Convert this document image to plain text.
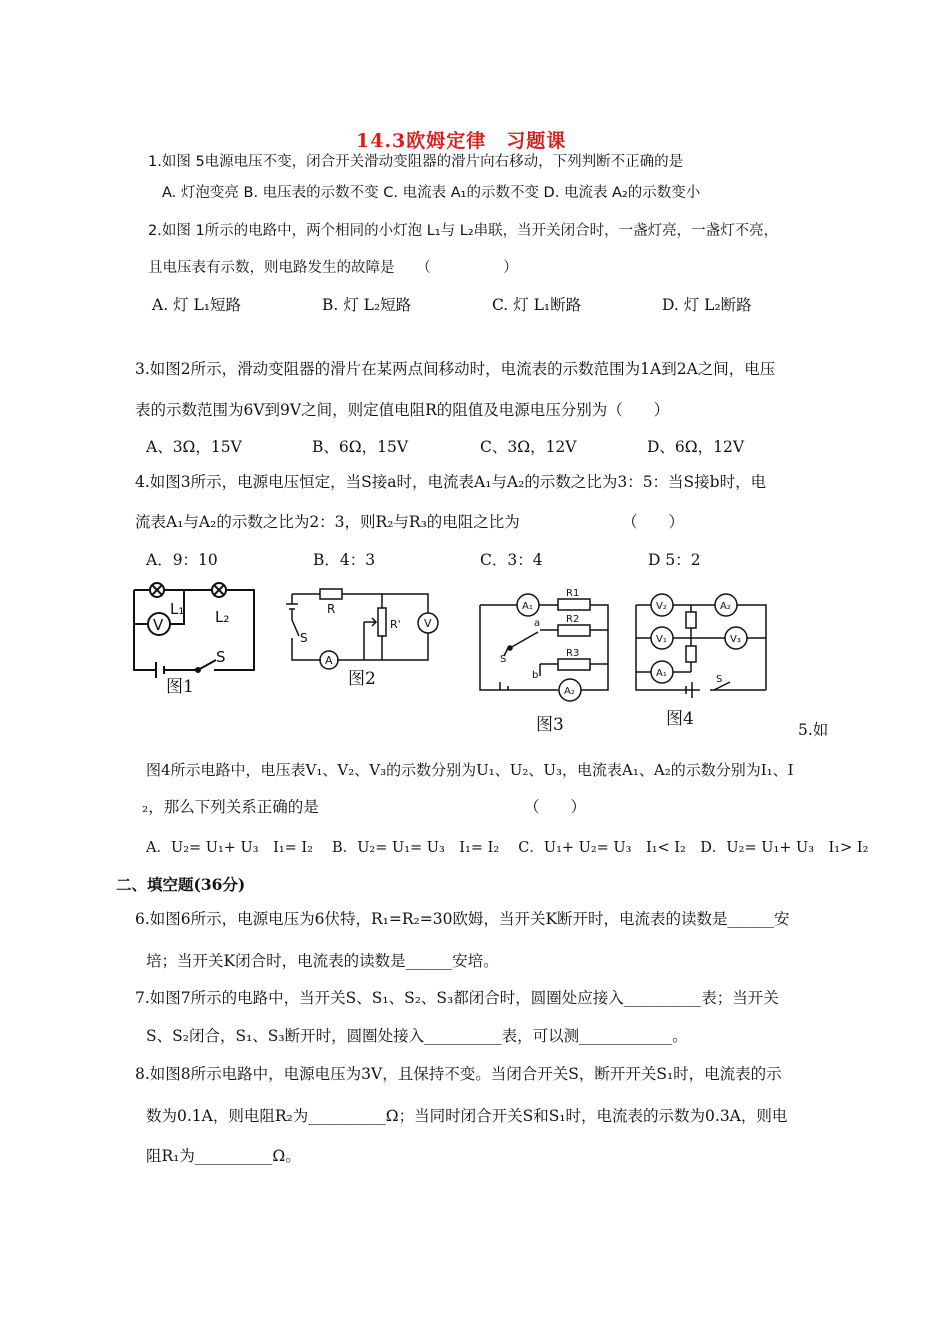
14.3欧姆定律　习题课
1.如图 5电源电压不变，闭合开关滑动变阻器的滑片向右移动，下列判断不正确的是
A. 灯泡变亮 B. 电压表的示数不变 C. 电流表 A₁的示数不变 D. 电流表 A₂的示数变小
2.如图 1所示的电路中，两个相同的小灯泡 L₁与 L₂串联，当开关闭合时，一盏灯亮，一盏灯不亮，
且电压表有示数，则电路发生的故障是　　（　　　　　）
A. 灯 L₁短路	B. 灯 L₂短路	C. 灯 L₁断路	D. 灯 L₂断路
3.如图2所示，滑动变阻器的滑片在某两点间移动时，电流表的示数范围为1A到2A之间，电压
表的示数范围为6V到9V之间，则定值电阻R的阻值及电源电压分别为（　　）
A、3Ω，15V	B、6Ω，15V	C、3Ω，12V	D、6Ω，12V
4.如图3所示，电源电压恒定，当S接a时，电流表A₁与A₂的示数之比为3：5：当S接b时，电
流表A₁与A₂的示数之比为2：3，则R₂与R₃的电阻之比为	（　　）
A．9：10	B．4：3	C．3：4	D 5：2
V
L₁ L₂
S
图1
R
R' V
A
S
图2
A₁
R1
R2
R3
A₂
a
b
S
图3
V₂	A₂
V₁	V₃
A₁
S
图4
5.如
图4所示电路中，电压表V₁、V₂、V₃的示数分别为U₁、U₂、U₃，电流表A₁、A₂的示数分别为I₁、I
₂，那么下列关系正确的是	（　　）
A．U₂= U₁+ U₃　I₁= I₂　 B．U₂= U₁= U₃　I₁= I₂　 C．U₁+ U₂= U₃　I₁< I₂　D．U₂= U₁+ U₃　I₁> I₂
二、填空题(36分)
6.如图6所示，电源电压为6伏特，R₁=R₂=30欧姆，当开关K断开时，电流表的读数是______安
培；当开关K闭合时，电流表的读数是______安培。
7.如图7所示的电路中，当开关S、S₁、S₂、S₃都闭合时，圆圈处应接入__________表；当开关
S、S₂闭合，S₁、S₃断开时，圆圈处接入__________表，可以测____________。
8.如图8所示电路中，电源电压为3V，且保持不变。当闭合开关S，断开开关S₁时，电流表的示
数为0.1A，则电阻R₂为__________Ω；当同时闭合开关S和S₁时，电流表的示数为0.3A，则电
阻R₁为__________Ω。
